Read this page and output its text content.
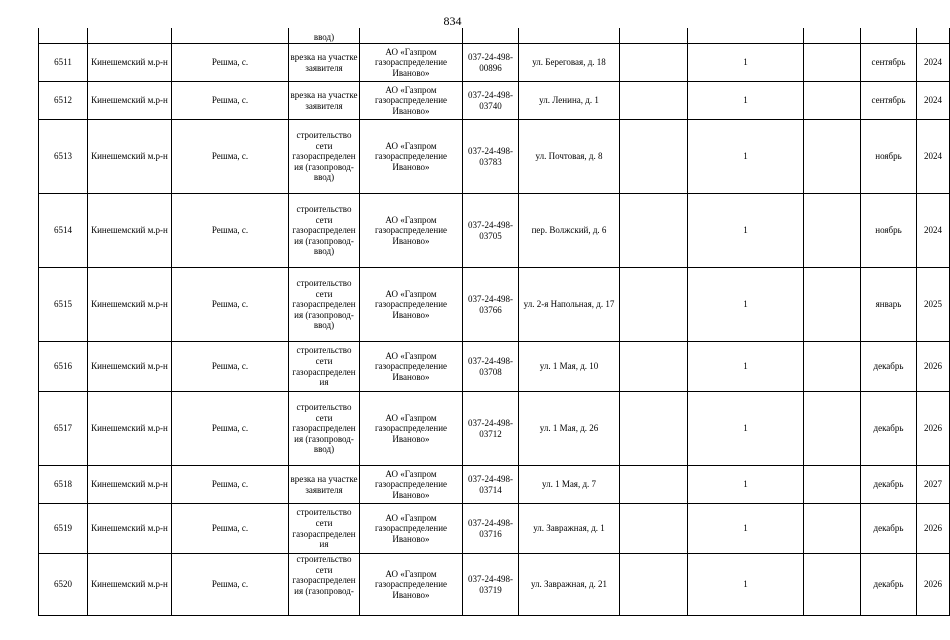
834
			ввод)								
6511	Кинешемский м.р-н	Решма, с.	врезка на участке заявителя	АО «Газпром газораспределение Иваново»	037-24-498-00896	ул. Береговая, д. 18		1		сентябрь	2024
6512	Кинешемский м.р-н	Решма, с.	врезка на участке заявителя	АО «Газпром газораспределение Иваново»	037-24-498-03740	ул. Ленина, д. 1		1		сентябрь	2024
6513	Кинешемский м.р-н	Решма, с.	строительство сети газораспределения (газопровод-ввод)	АО «Газпром газораспределение Иваново»	037-24-498-03783	ул. Почтовая, д. 8		1		ноябрь	2024
6514	Кинешемский м.р-н	Решма, с.	строительство сети газораспределения (газопровод-ввод)	АО «Газпром газораспределение Иваново»	037-24-498-03705	пер. Волжский, д. 6		1		ноябрь	2024
6515	Кинешемский м.р-н	Решма, с.	строительство сети газораспределения (газопровод-ввод)	АО «Газпром газораспределение Иваново»	037-24-498-03766	ул. 2-я Напольная, д. 17		1		январь	2025
6516	Кинешемский м.р-н	Решма, с.	строительство сети газораспределения	АО «Газпром газораспределение Иваново»	037-24-498-03708	ул. 1 Мая, д. 10		1		декабрь	2026
6517	Кинешемский м.р-н	Решма, с.	строительство сети газораспределения (газопровод-ввод)	АО «Газпром газораспределение Иваново»	037-24-498-03712	ул. 1 Мая, д. 26		1		декабрь	2026
6518	Кинешемский м.р-н	Решма, с.	врезка на участке заявителя	АО «Газпром газораспределение Иваново»	037-24-498-03714	ул. 1 Мая, д. 7		1		декабрь	2027
6519	Кинешемский м.р-н	Решма, с.	строительство сети газораспределения	АО «Газпром газораспределение Иваново»	037-24-498-03716	ул. Завражная, д. 1		1		декабрь	2026
6520	Кинешемский м.р-н	Решма, с.	строительство сети газораспределения (газопровод-	АО «Газпром газораспределение Иваново»	037-24-498-03719	ул. Завражная, д. 21		1		декабрь	2026
